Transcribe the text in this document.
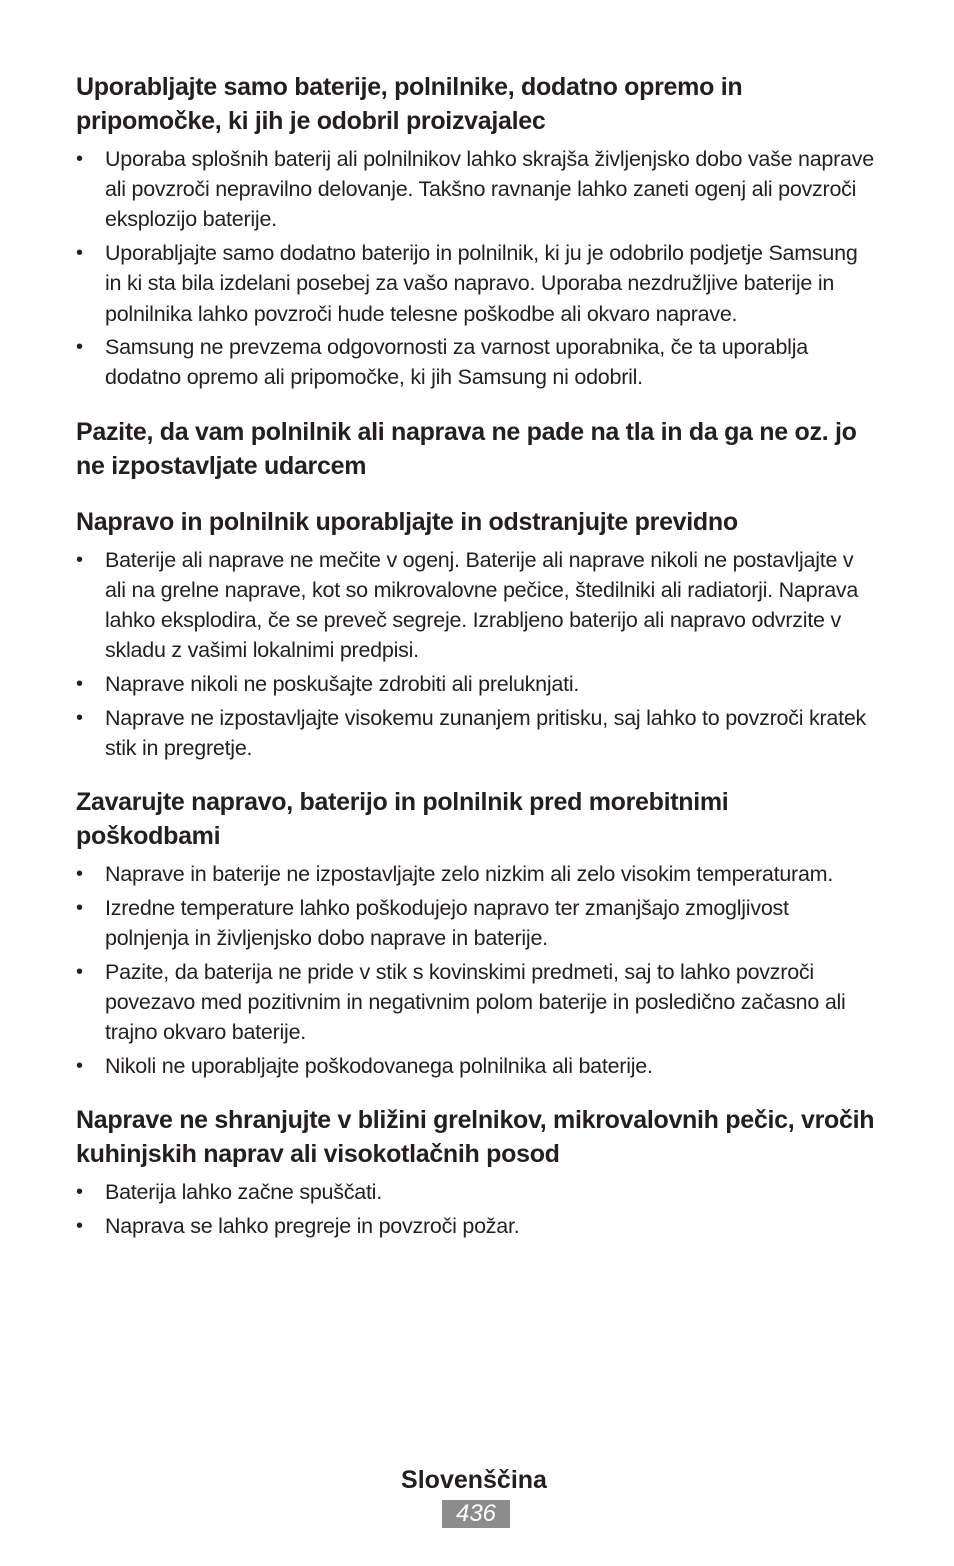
Uporabljajte samo baterije, polnilnike, dodatno opremo in pripomočke, ki jih je odobril proizvajalec
• Uporaba splošnih baterij ali polnilnikov lahko skrajša življenjsko dobo vaše naprave ali povzroči nepravilno delovanje. Takšno ravnanje lahko zaneti ogenj ali povzroči eksplozijo baterije.
• Uporabljajte samo dodatno baterijo in polnilnik, ki ju je odobrilo podjetje Samsung in ki sta bila izdelani posebej za vašo napravo. Uporaba nezdružljive baterije in polnilnika lahko povzroči hude telesne poškodbe ali okvaro naprave.
• Samsung ne prevzema odgovornosti za varnost uporabnika, če ta uporablja dodatno opremo ali pripomočke, ki jih Samsung ni odobril.
Pazite, da vam polnilnik ali naprava ne pade na tla in da ga ne oz. jo ne izpostavljate udarcem
Napravo in polnilnik uporabljajte in odstranjujte previdno
• Baterije ali naprave ne mečite v ogenj. Baterije ali naprave nikoli ne postavljajte v ali na grelne naprave, kot so mikrovalovne pečice, štedilniki ali radiatorji. Naprava lahko eksplodira, če se preveč segreje. Izrabljeno baterijo ali napravo odvrzite v skladu z vašimi lokalnimi predpisi.
• Naprave nikoli ne poskušajte zdrobiti ali preluknjati.
• Naprave ne izpostavljajte visokemu zunanjem pritisku, saj lahko to povzroči kratek stik in pregretje.
Zavarujte napravo, baterijo in polnilnik pred morebitnimi poškodbami
• Naprave in baterije ne izpostavljajte zelo nizkim ali zelo visokim temperaturam.
• Izredne temperature lahko poškodujejo napravo ter zmanjšajo zmogljivost polnjenja in življenjsko dobo naprave in baterije.
• Pazite, da baterija ne pride v stik s kovinskimi predmeti, saj to lahko povzroči povezavo med pozitivnim in negativnim polom baterije in posledično začasno ali trajno okvaro baterije.
• Nikoli ne uporabljajte poškodovanega polnilnika ali baterije.
Naprave ne shranjujte v bližini grelnikov, mikrovalovnih pečic, vročih kuhinjskih naprav ali visokotlačnih posod
• Baterija lahko začne spuščati.
• Naprava se lahko pregreje in povzroči požar.
Slovenščina
436
